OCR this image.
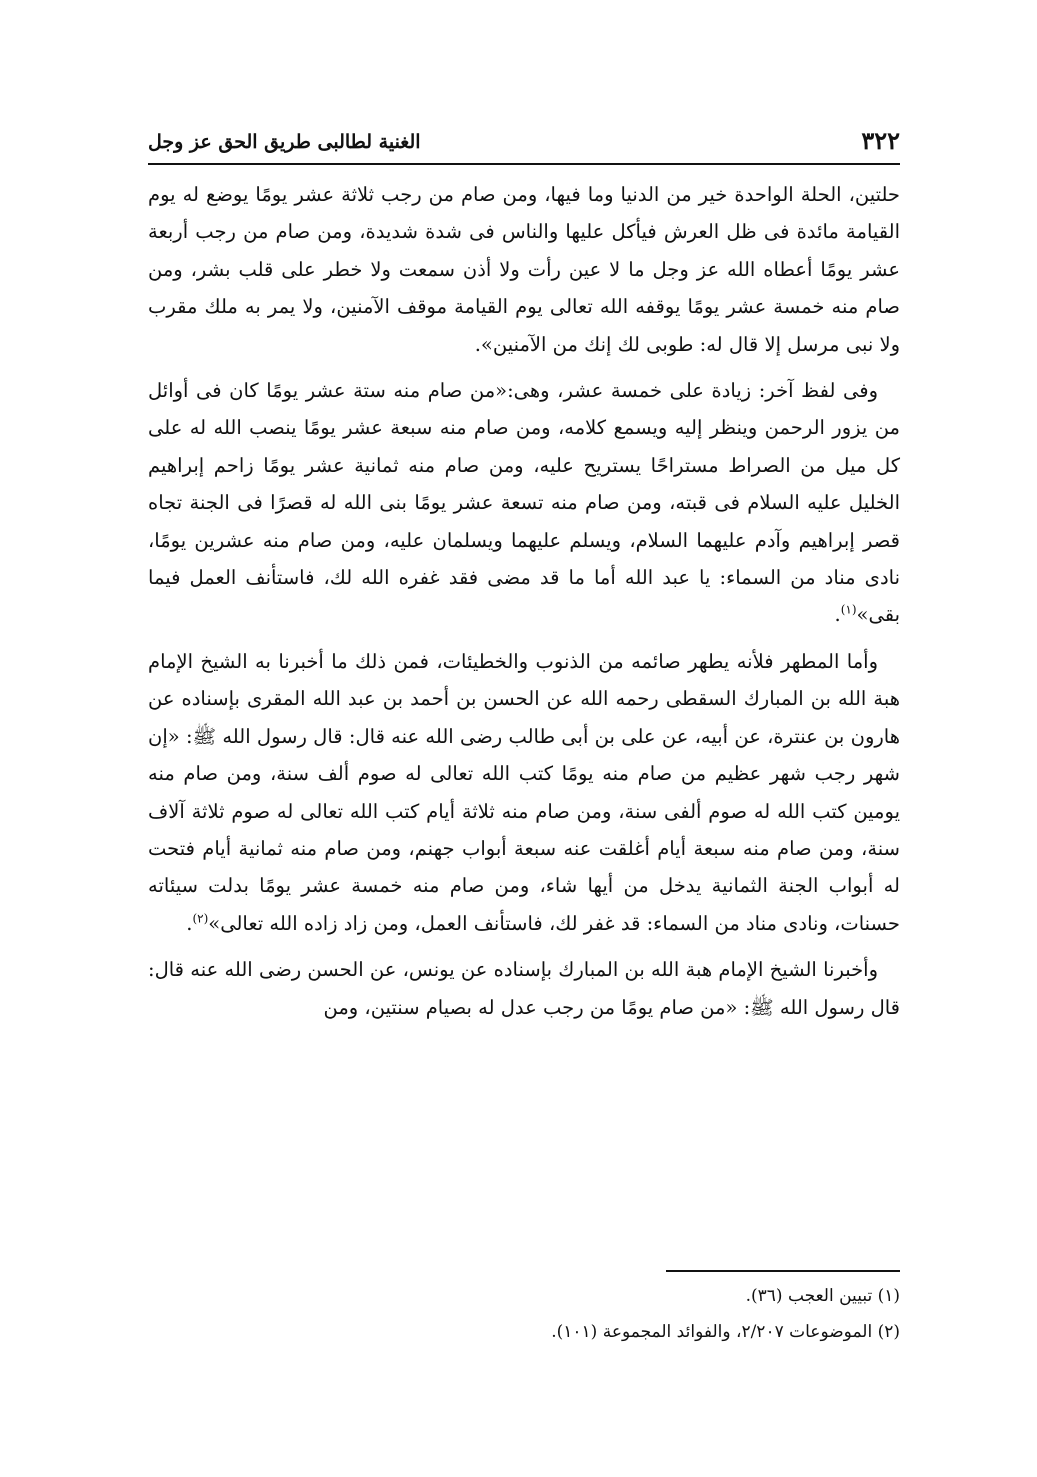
٣٢٢
الغنية لطالبى طريق الحق عز وجل

حلتين، الحلة الواحدة خير من الدنيا وما فيها، ومن صام من رجب ثلاثة عشر يومًا يوضع له يوم القيامة مائدة فى ظل العرش فيأكل عليها والناس فى شدة شديدة، ومن صام من رجب أربعة عشر يومًا أعطاه الله عز وجل ما لا عين رأت ولا أذن سمعت ولا خطر على قلب بشر، ومن صام منه خمسة عشر يومًا يوقفه الله تعالى يوم القيامة موقف الآمنين، ولا يمر به ملك مقرب ولا نبى مرسل إلا قال له: طوبى لك إنك من الآمنين».

وفى لفظ آخر: زيادة على خمسة عشر، وهى:«من صام منه ستة عشر يومًا كان فى أوائل من يزور الرحمن وينظر إليه ويسمع كلامه، ومن صام منه سبعة عشر يومًا ينصب الله له على كل ميل من الصراط مستراحًا يستريح عليه، ومن صام منه ثمانية عشر يومًا زاحم إبراهيم الخليل عليه السلام فى قبته، ومن صام منه تسعة عشر يومًا بنى الله له قصرًا فى الجنة تجاه قصر إبراهيم وآدم عليهما السلام، ويسلم عليهما ويسلمان عليه، ومن صام منه عشرين يومًا، نادى مناد من السماء: يا عبد الله أما ما قد مضى فقد غفره الله لك، فاستأنف العمل فيما بقى»$^{(١)}$.

وأما المطهر فلأنه يطهر صائمه من الذنوب والخطيئات، فمن ذلك ما أخبرنا به الشيخ الإمام هبة الله بن المبارك السقطى رحمه الله عن الحسن بن أحمد بن عبد الله المقرى بإسناده عن هارون بن عنترة، عن أبيه، عن على بن أبى طالب رضى الله عنه قال: قال رسول الله ﷺ: «إن شهر رجب شهر عظيم من صام منه يومًا كتب الله تعالى له صوم ألف سنة، ومن صام منه يومين كتب الله له صوم ألفى سنة، ومن صام منه ثلاثة أيام كتب الله تعالى له صوم ثلاثة آلاف سنة، ومن صام منه سبعة أيام أغلقت عنه سبعة أبواب جهنم، ومن صام منه ثمانية أيام فتحت له أبواب الجنة الثمانية يدخل من أيها شاء، ومن صام منه خمسة عشر يومًا بدلت سيئاته حسنات، ونادى مناد من السماء: قد غفر لك، فاستأنف العمل، ومن زاد زاده الله تعالى»$^{(٢)}$.

وأخبرنا الشيخ الإمام هبة الله بن المبارك بإسناده عن يونس، عن الحسن رضى الله عنه قال: قال رسول الله ﷺ: «من صام يومًا من رجب عدل له بصيام سنتين، ومن

(١) تبيين العجب (٣٦).

(٢) الموضوعات ٢/٢٠٧، والفوائد المجموعة (١٠١).
